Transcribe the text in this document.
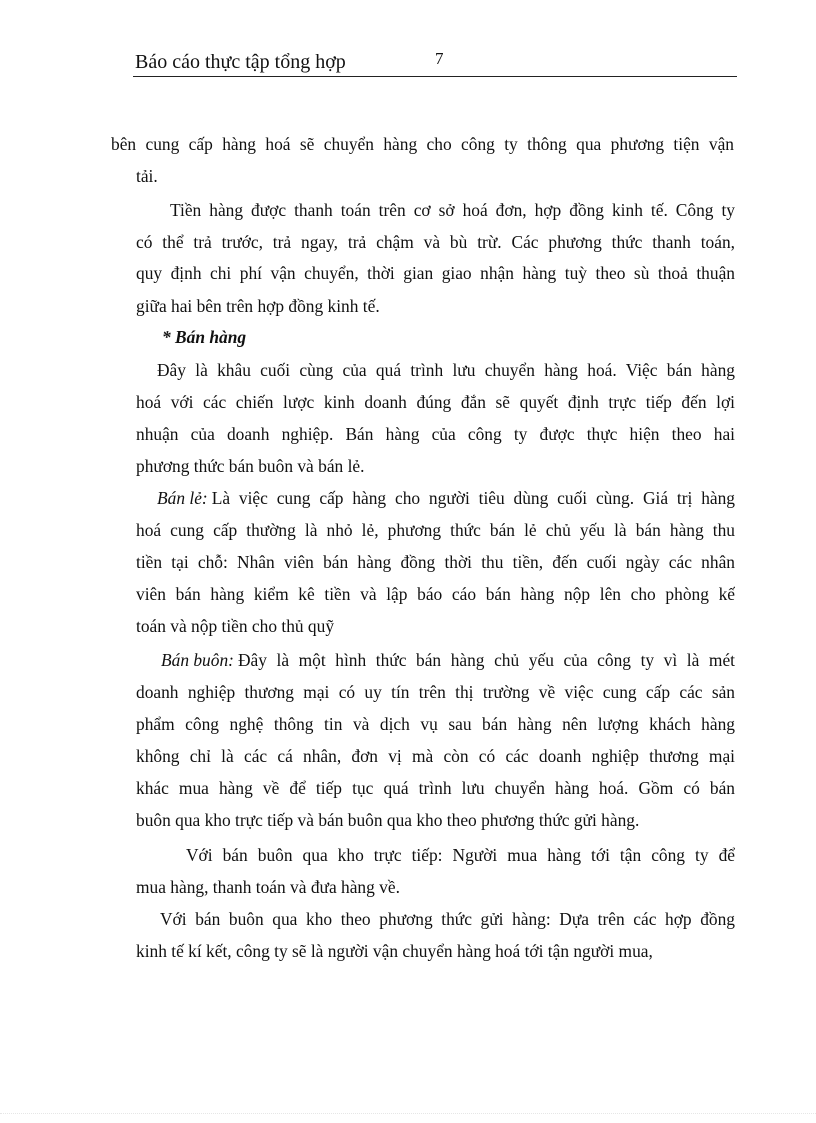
Báo cáo thực tập tổng hợp	7
bên cung cấp hàng hoá sẽ chuyển hàng cho công ty thông qua phương tiện vận
tải.
Tiền hàng được thanh toán trên cơ sở hoá đơn, hợp đồng kinh tế. Công ty
có thể trả trước, trả ngay, trả chậm và bù trừ. Các phương thức thanh toán,
quy định chi phí vận chuyển, thời gian giao nhận hàng tuỳ theo sù thoả thuận
giữa hai bên trên hợp đồng kinh tế.
* Bán hàng
Đây là khâu cuối cùng của quá trình lưu chuyển hàng hoá. Việc bán hàng
hoá với các chiến lược kinh doanh đúng đắn sẽ quyết định trực tiếp đến lợi
nhuận của doanh nghiệp. Bán hàng của công ty được thực hiện theo hai
phương thức bán buôn và bán lẻ.
Bán lẻ: Là việc cung cấp hàng cho người tiêu dùng cuối cùng. Giá trị hàng
hoá cung cấp thường là nhỏ lẻ, phương thức bán lẻ chủ yếu là bán hàng thu
tiền tại chỗ: Nhân viên bán hàng đồng thời thu tiền, đến cuối ngày các nhân
viên bán hàng kiểm kê tiền và lập báo cáo bán hàng nộp lên cho phòng kế
toán và nộp tiền cho thủ quỹ
Bán buôn: Đây là một hình thức bán hàng chủ yếu của công ty vì là mét
doanh nghiệp thương mại có uy tín trên thị trường về việc cung cấp các sản
phẩm công nghệ thông tin và dịch vụ sau bán hàng nên lượng khách hàng
không chỉ là các cá nhân, đơn vị mà còn có các doanh nghiệp thương mại
khác mua hàng về để tiếp tục quá trình lưu chuyển hàng hoá. Gồm có bán
buôn qua kho trực tiếp và bán buôn qua kho theo phương thức gửi hàng.
Với bán buôn qua kho trực tiếp: Người mua hàng tới tận công ty để
mua hàng, thanh toán và đưa hàng về.
Với bán buôn qua kho theo phương thức gửi hàng: Dựa trên các hợp đồng
kinh tế kí kết, công ty sẽ là người vận chuyển hàng hoá tới tận người mua,
